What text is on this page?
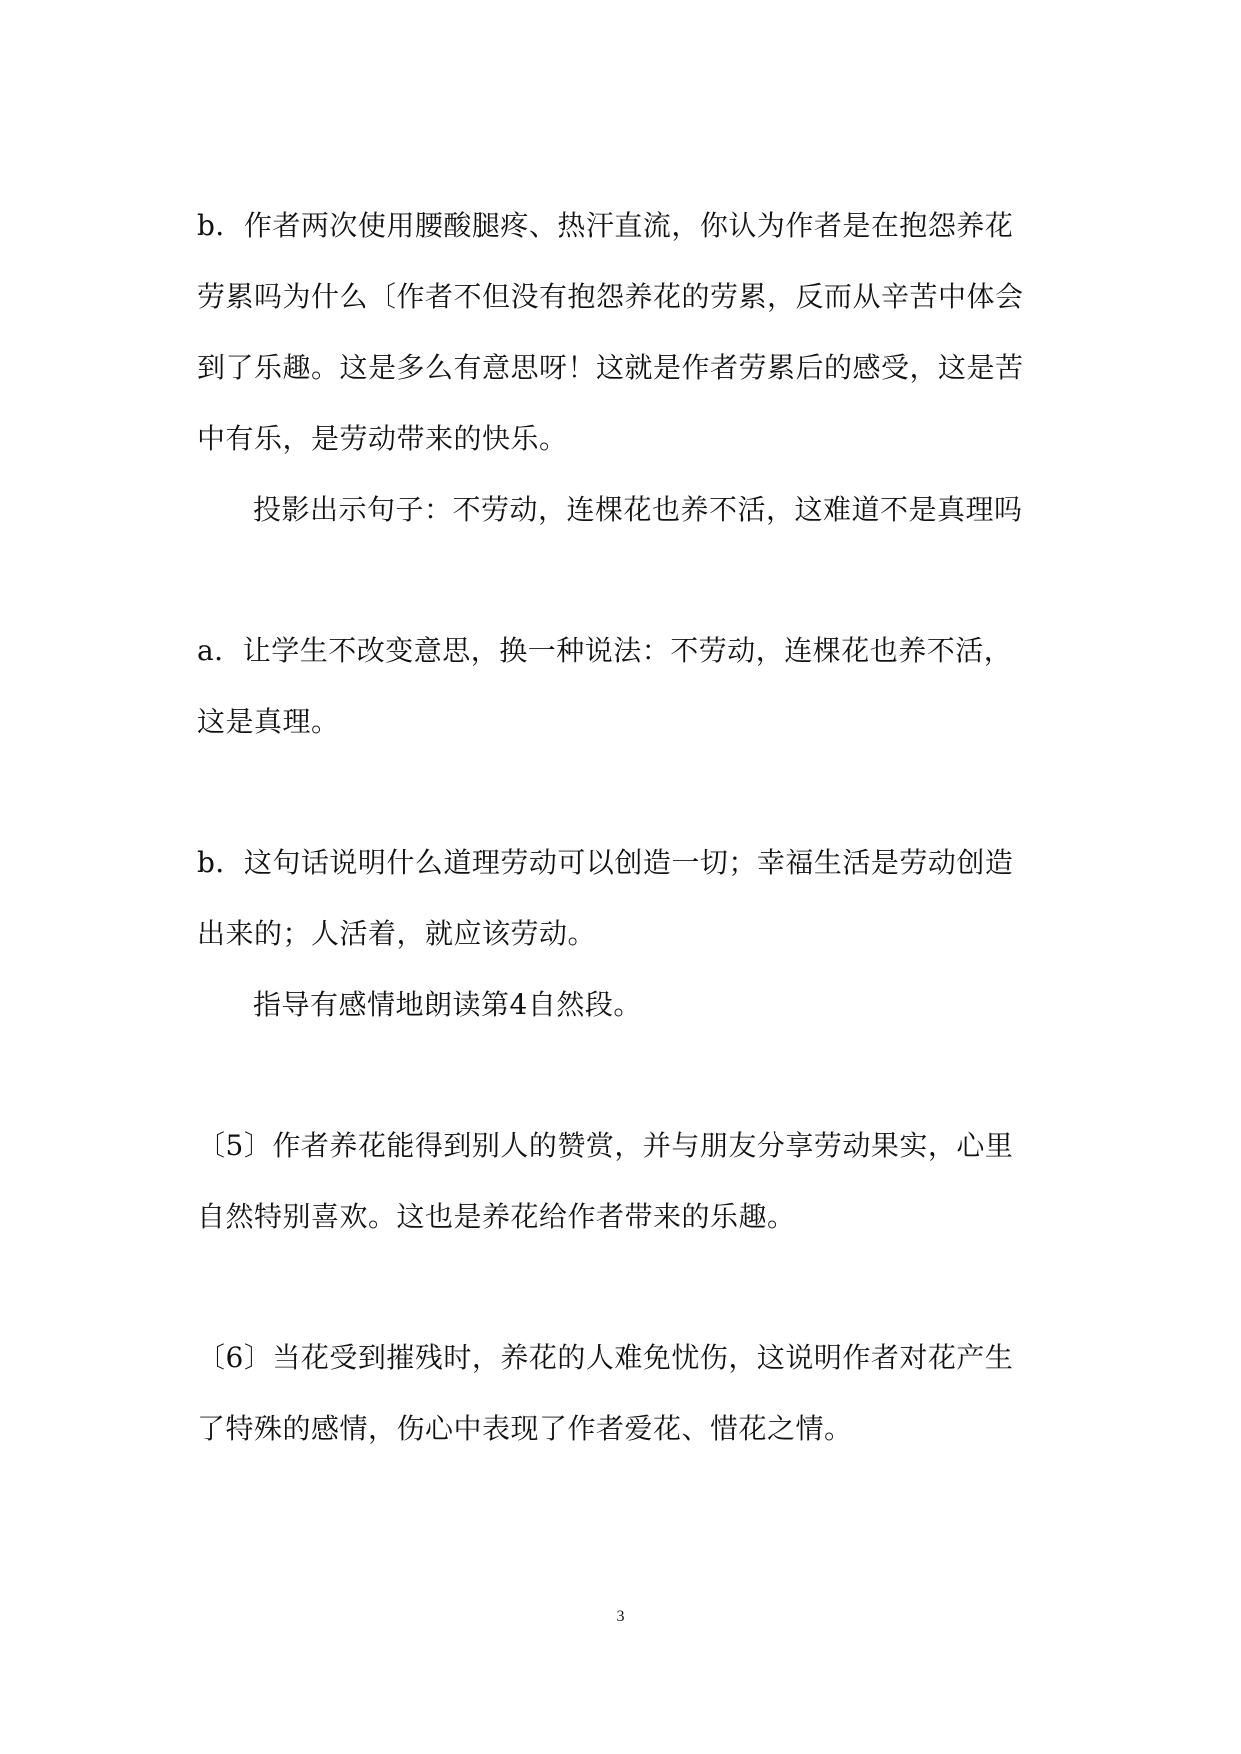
b．作者两次使用腰酸腿疼、热汗直流，你认为作者是在抱怨养花
劳累吗为什么〔作者不但没有抱怨养花的劳累，反而从辛苦中体会
到了乐趣。这是多么有意思呀！这就是作者劳累后的感受，这是苦
中有乐，是劳动带来的快乐。
投影出示句子：不劳动，连棵花也养不活，这难道不是真理吗
a．让学生不改变意思，换一种说法：不劳动，连棵花也养不活，
这是真理。
b．这句话说明什么道理劳动可以创造一切；幸福生活是劳动创造
出来的；人活着，就应该劳动。
指导有感情地朗读第4自然段。
〔5〕作者养花能得到别人的赞赏，并与朋友分享劳动果实，心里
自然特别喜欢。这也是养花给作者带来的乐趣。
〔6〕当花受到摧残时，养花的人难免忧伤，这说明作者对花产生
了特殊的感情，伤心中表现了作者爱花、惜花之情。
3
